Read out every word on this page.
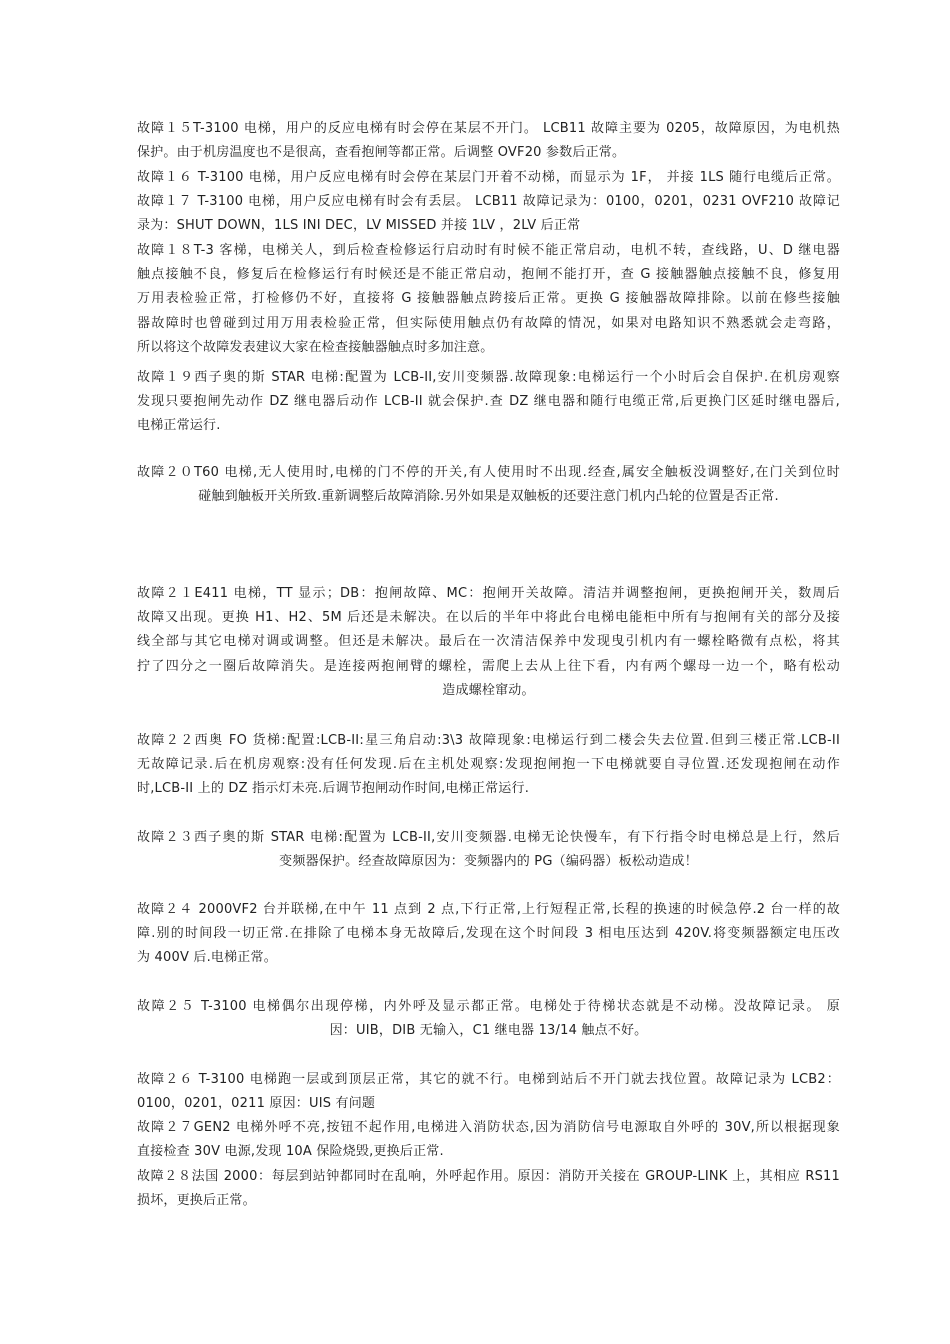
故障１５T-3100 电梯，用户的反应电梯有时会停在某层不开门。 LCB11 故障主要为 0205，故障原因，为电机热
保护。由于机房温度也不是很高，查看抱闸等都正常。后调整 OVF20 参数后正常。
故障１６ T-3100 电梯，用户反应电梯有时会停在某层门开着不动梯，而显示为 1F， 并接 1LS 随行电缆后正常。
故障１７ T-3100 电梯，用户反应电梯有时会有丢层。 LCB11 故障记录为：0100，0201，0231 OVF210 故障记
录为：SHUT DOWN，1LS INI DEC，LV MISSED 并接 1LV ，2LV 后正常
故障１８T-3 客梯，电梯关人，到后检查检修运行启动时有时候不能正常启动，电机不转，查线路，U、D 继电器
触点接触不良，修复后在检修运行有时候还是不能正常启动，抱闸不能打开，查 G 接触器触点接触不良，修复用
万用表检验正常，打检修仍不好，直接将 G 接触器触点跨接后正常。更换 G 接触器故障排除。以前在修些接触
器故障时也曾碰到过用万用表检验正常，但实际使用触点仍有故障的情况，如果对电路知识不熟悉就会走弯路，
所以将这个故障发表建议大家在检查接触器触点时多加注意。
故障１９西子奥的斯 STAR 电梯:配置为 LCB-II,安川变频器.故障现象:电梯运行一个小时后会自保护.在机房观察
发现只要抱闸先动作 DZ 继电器后动作 LCB-II 就会保护.查 DZ 继电器和随行电缆正常,后更换门区延时继电器后,
电梯正常运行.
故障２０T60 电梯,无人使用时,电梯的门不停的开关,有人使用时不出现.经查,属安全触板没调整好,在门关到位时
碰触到触板开关所致.重新调整后故障消除.另外如果是双触板的还要注意门机内凸轮的位置是否正常.
故障２１E411 电梯，TT 显示；DB：抱闸故障、MC：抱闸开关故障。清洁并调整抱闸，更换抱闸开关，数周后
故障又出现。更换 H1、H2、5M 后还是未解决。在以后的半年中将此台电梯电能柜中所有与抱闸有关的部分及接
线全部与其它电梯对调或调整。但还是未解决。最后在一次清洁保养中发现曳引机内有一螺栓略微有点松，将其
拧了四分之一圈后故障消失。是连接两抱闸臂的螺栓，需爬上去从上往下看，内有两个螺母一边一个，略有松动
造成螺栓窜动。
故障２２西奥 FO 货梯:配置:LCB-II:星三角启动:3\3 故障现象:电梯运行到二楼会失去位置.但到三楼正常.LCB-II
无故障记录.后在机房观察:没有任何发现.后在主机处观察:发现抱闸抱一下电梯就要自寻位置.还发现抱闸在动作
时,LCB-II 上的 DZ 指示灯未亮.后调节抱闸动作时间,电梯正常运行.
故障２３西子奥的斯 STAR 电梯:配置为 LCB-II,安川变频器.电梯无论快慢车，有下行指令时电梯总是上行，然后
变频器保护。经查故障原因为：变频器内的 PG（编码器）板松动造成！
故障２４ 2000VF2 台并联梯,在中午 11 点到 2 点,下行正常,上行短程正常,长程的换速的时候急停.2 台一样的故
障.别的时间段一切正常.在排除了电梯本身无故障后,发现在这个时间段 3 相电压达到 420V.将变频器额定电压改
为 400V 后.电梯正常。
故障２５ T-3100 电梯偶尔出现停梯，内外呼及显示都正常。电梯处于待梯状态就是不动梯。没故障记录。 原
因：UIB，DIB 无输入，C1 继电器 13/14 触点不好。
故障２６ T-3100 电梯跑一层或到顶层正常，其它的就不行。电梯到站后不开门就去找位置。故障记录为 LCB2：
0100，0201，0211 原因：UIS 有问题
故障２７GEN2 电梯外呼不亮,按钮不起作用,电梯进入消防状态,因为消防信号电源取自外呼的 30V,所以根据现象
直接检查 30V 电源,发现 10A 保险烧毁,更换后正常.
故障２８法国 2000：每层到站钟都同时在乱响，外呼起作用。原因：消防开关接在 GROUP-LINK 上，其相应 RS11
损坏，更换后正常。
